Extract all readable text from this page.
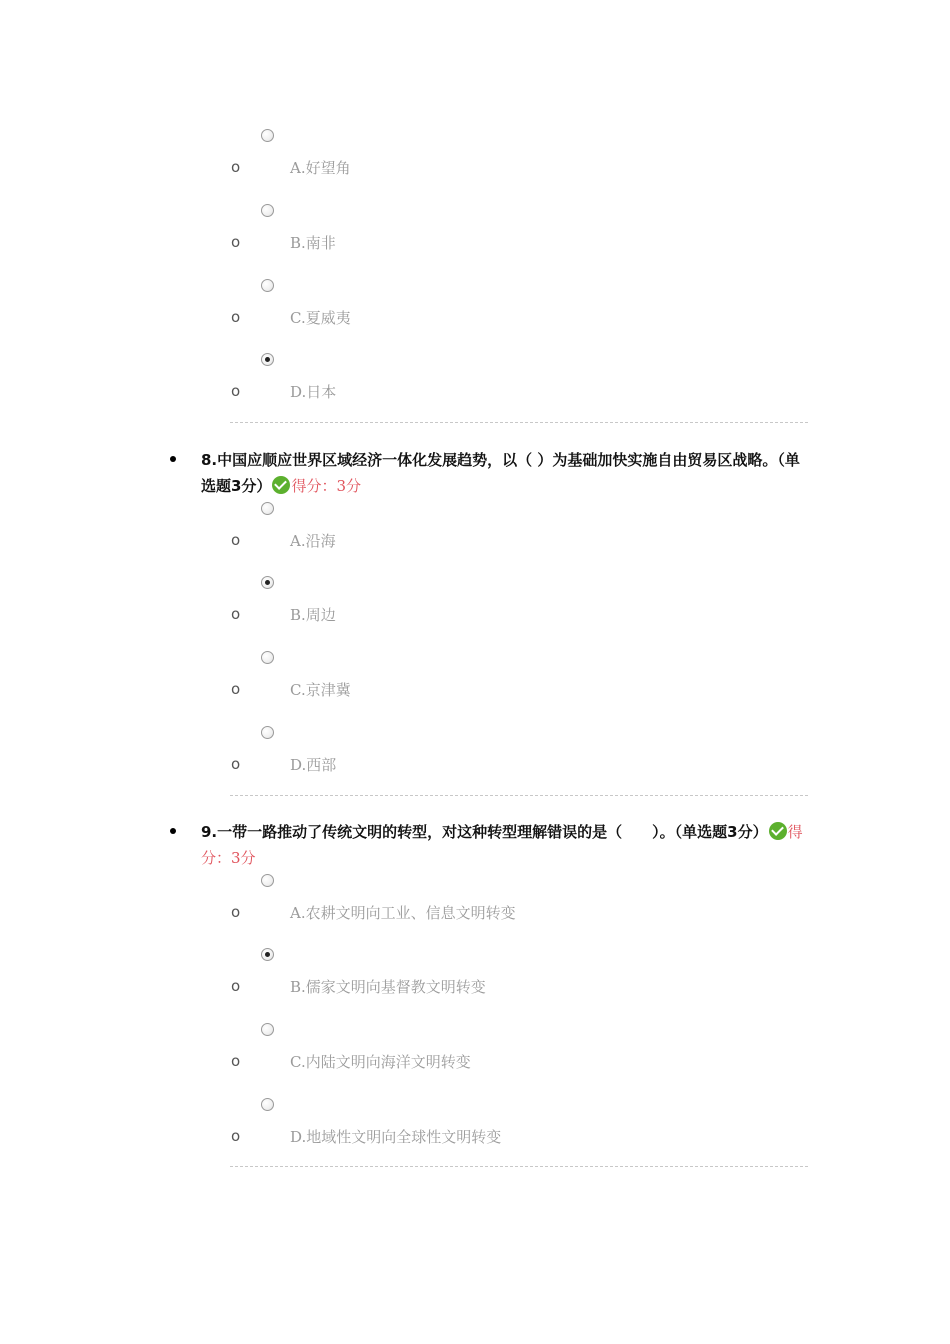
o	A.好望角
o	B.南非
o	C.夏威夷
o	D.日本
8.中国应顺应世界区域经济一体化发展趋势，以（ ）为基础加快实施自由贸易区战略。（单选题3分） 得分：3分
o	A.沿海
o	B.周边
o	C.京津冀
o	D.西部
9.一带一路推动了传统文明的转型，对这种转型理解错误的是（　　）。（单选题3分） 得分：3分
o	A.农耕文明向工业、信息文明转变
o	B.儒家文明向基督教文明转变
o	C.内陆文明向海洋文明转变
o	D.地域性文明向全球性文明转变
